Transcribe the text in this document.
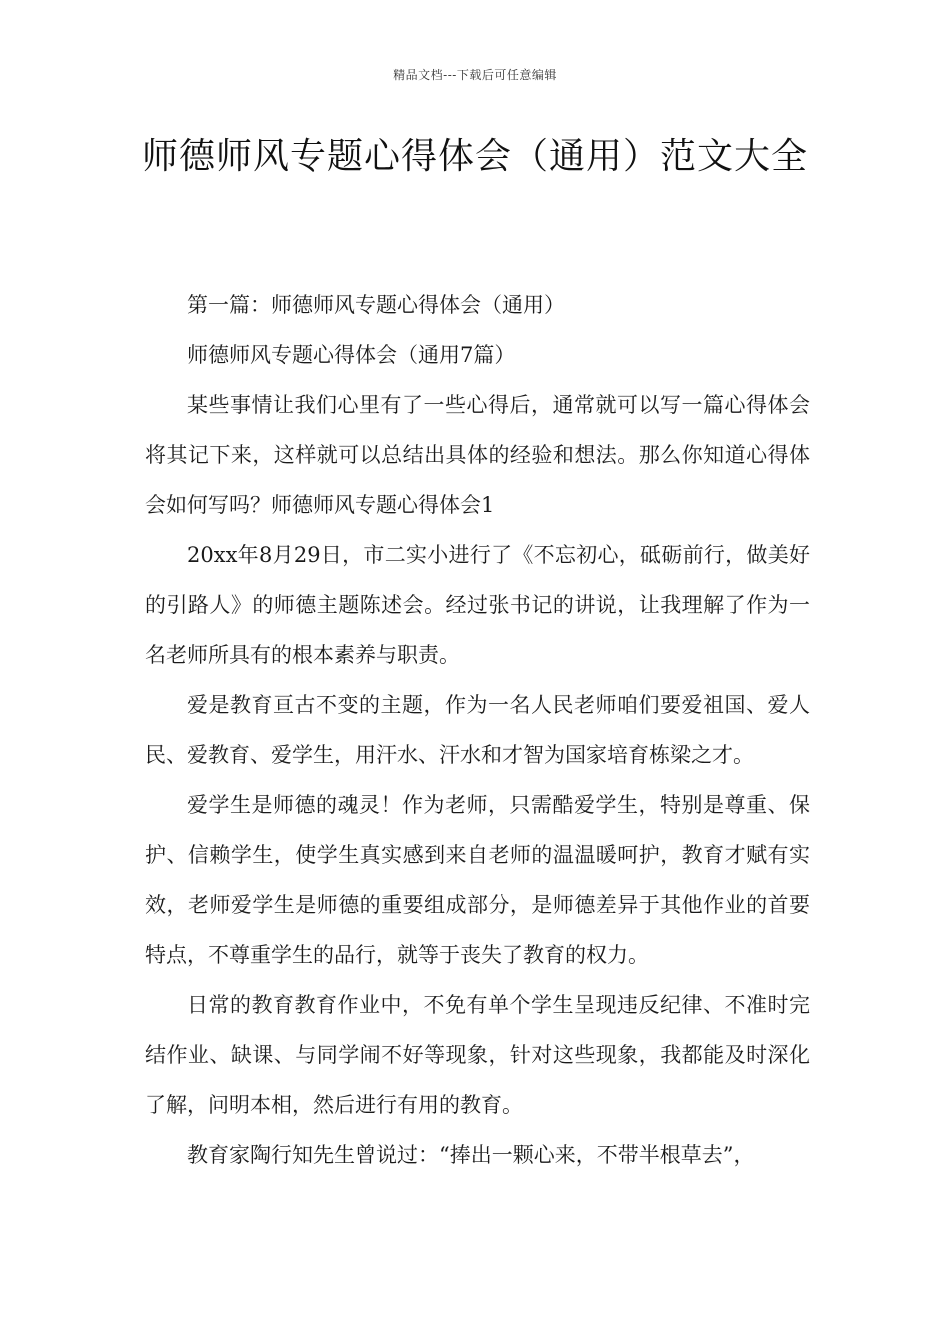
精品文档---下载后可任意编辑
师德师风专题心得体会（通用）范文大全

第一篇：师德师风专题心得体会（通用）

师德师风专题心得体会（通用7篇）

某些事情让我们心里有了一些心得后，通常就可以写一篇心得体会将其记下来，这样就可以总结出具体的经验和想法。那么你知道心得体会如何写吗？师德师风专题心得体会1

20xx年8月29日，市二实小进行了《不忘初心，砥砺前行，做美好的引路人》的师德主题陈述会。经过张书记的讲说，让我理解了作为一名老师所具有的根本素养与职责。

爱是教育亘古不变的主题，作为一名人民老师咱们要爱祖国、爱人民、爱教育、爱学生，用汗水、汗水和才智为国家培育栋梁之才。

爱学生是师德的魂灵！作为老师，只需酷爱学生，特别是尊重、保护、信赖学生，使学生真实感到来自老师的温温暖呵护，教育才赋有实效，老师爱学生是师德的重要组成部分，是师德差异于其他作业的首要特点，不尊重学生的品行，就等于丧失了教育的权力。

日常的教育教育作业中，不免有单个学生呈现违反纪律、不准时完结作业、缺课、与同学闹不好等现象，针对这些现象，我都能及时深化了解，问明本相，然后进行有用的教育。

教育家陶行知先生曾说过：“捧出一颗心来，不带半根草去”，
